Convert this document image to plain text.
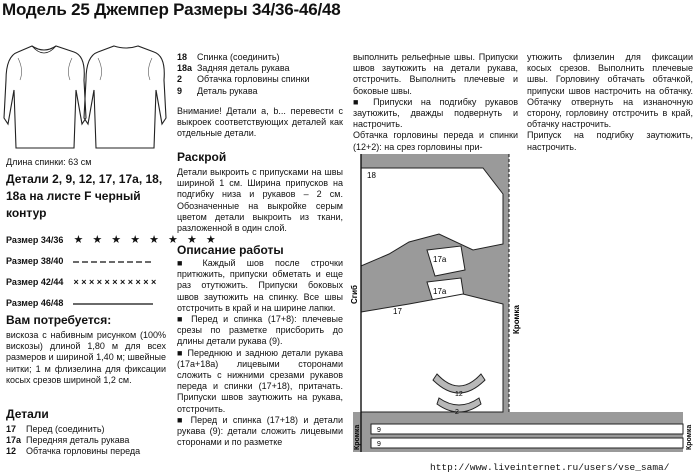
Модель 25 Джемпер Размеры 34/36-46/48
Длина спинки: 63 см
Детали 2, 9, 12, 17, 17а, 18, 18а на листе F черный контур
Размер 34/36 ★ ★ ★ ★ ★ ★ ★ ★
Размер 38/40
Размер 42/44 × × × × × × × × × × ×
Размер 46/48
Вам потребуется:
вискоза с набивным рисунком (100% вискозы) длиной 1,80 м для всех размеров и шириной 1,40 м; швейные нитки; 1 м флизелина для фиксации косых срезов шириной 1,2 см.
Детали
17	Перед (соединить)
17а Передняя деталь рукава
12	Обтачка горловины переда
18	Спинка (соединить)
18а Задняя деталь рукава
2	Обтачка горловины спинки
9	Деталь рукава
Внимание! Детали a, b... перевести с выкроек соответствующих деталей как отдельные детали.
Раскрой
Детали выкроить с припусками на швы шириной 1 см. Ширина припусков на подгибку низа и рукавов – 2 см. Обозначенные на выкройке серым цветом детали выкроить из ткани, разложенной в один слой.
Описание работы

■ Каждый шов после строчки притюжить, припуски обметать и еще раз отутюжить. Припуски боковых швов заутюжить на спинку. Все швы отстрочить в край и на ширине лапки.

■ Перед и спинка (17+8): плечевые срезы по разметке присборить до длины детали рукава (9).

■ Переднюю и заднюю детали рукава (17а+18а) лицевыми сторонами сложить с нижними срезами рукавов переда и спинки (17+18), притачать. Припуски швов заутюжить на рукава, отстрочить.

■ Перед и спинка (17+18) и детали рукава (9): детали сложить лицевыми сторонами и по разметке

выполнить рельефные швы. Припуски швов заутюжить на детали рукава, отстрочить. Выполнить плечевые и боковые швы.

■ Припуски на подгибку рукавов заутюжить, дважды подвернуть и настрочить.

Обтачка горловины переда и спинки (12+2): на срез горловины при-

утюжить флизелин для фиксации косых срезов. Выполнить плечевые швы. Горловину обтачать обтачкой, припуски швов настрочить на обтачку. Обтачку отвернуть на изнаночную сторону, горловину отстрочить в край, обтачку настрочить.

Припуск на подгибку заутюжить, настрочить.

18
17а
17а
17
12
2
9
9
Сгиб
Кромка
Кромка	Кромка
http://www.liveinternet.ru/users/vse_sama/
